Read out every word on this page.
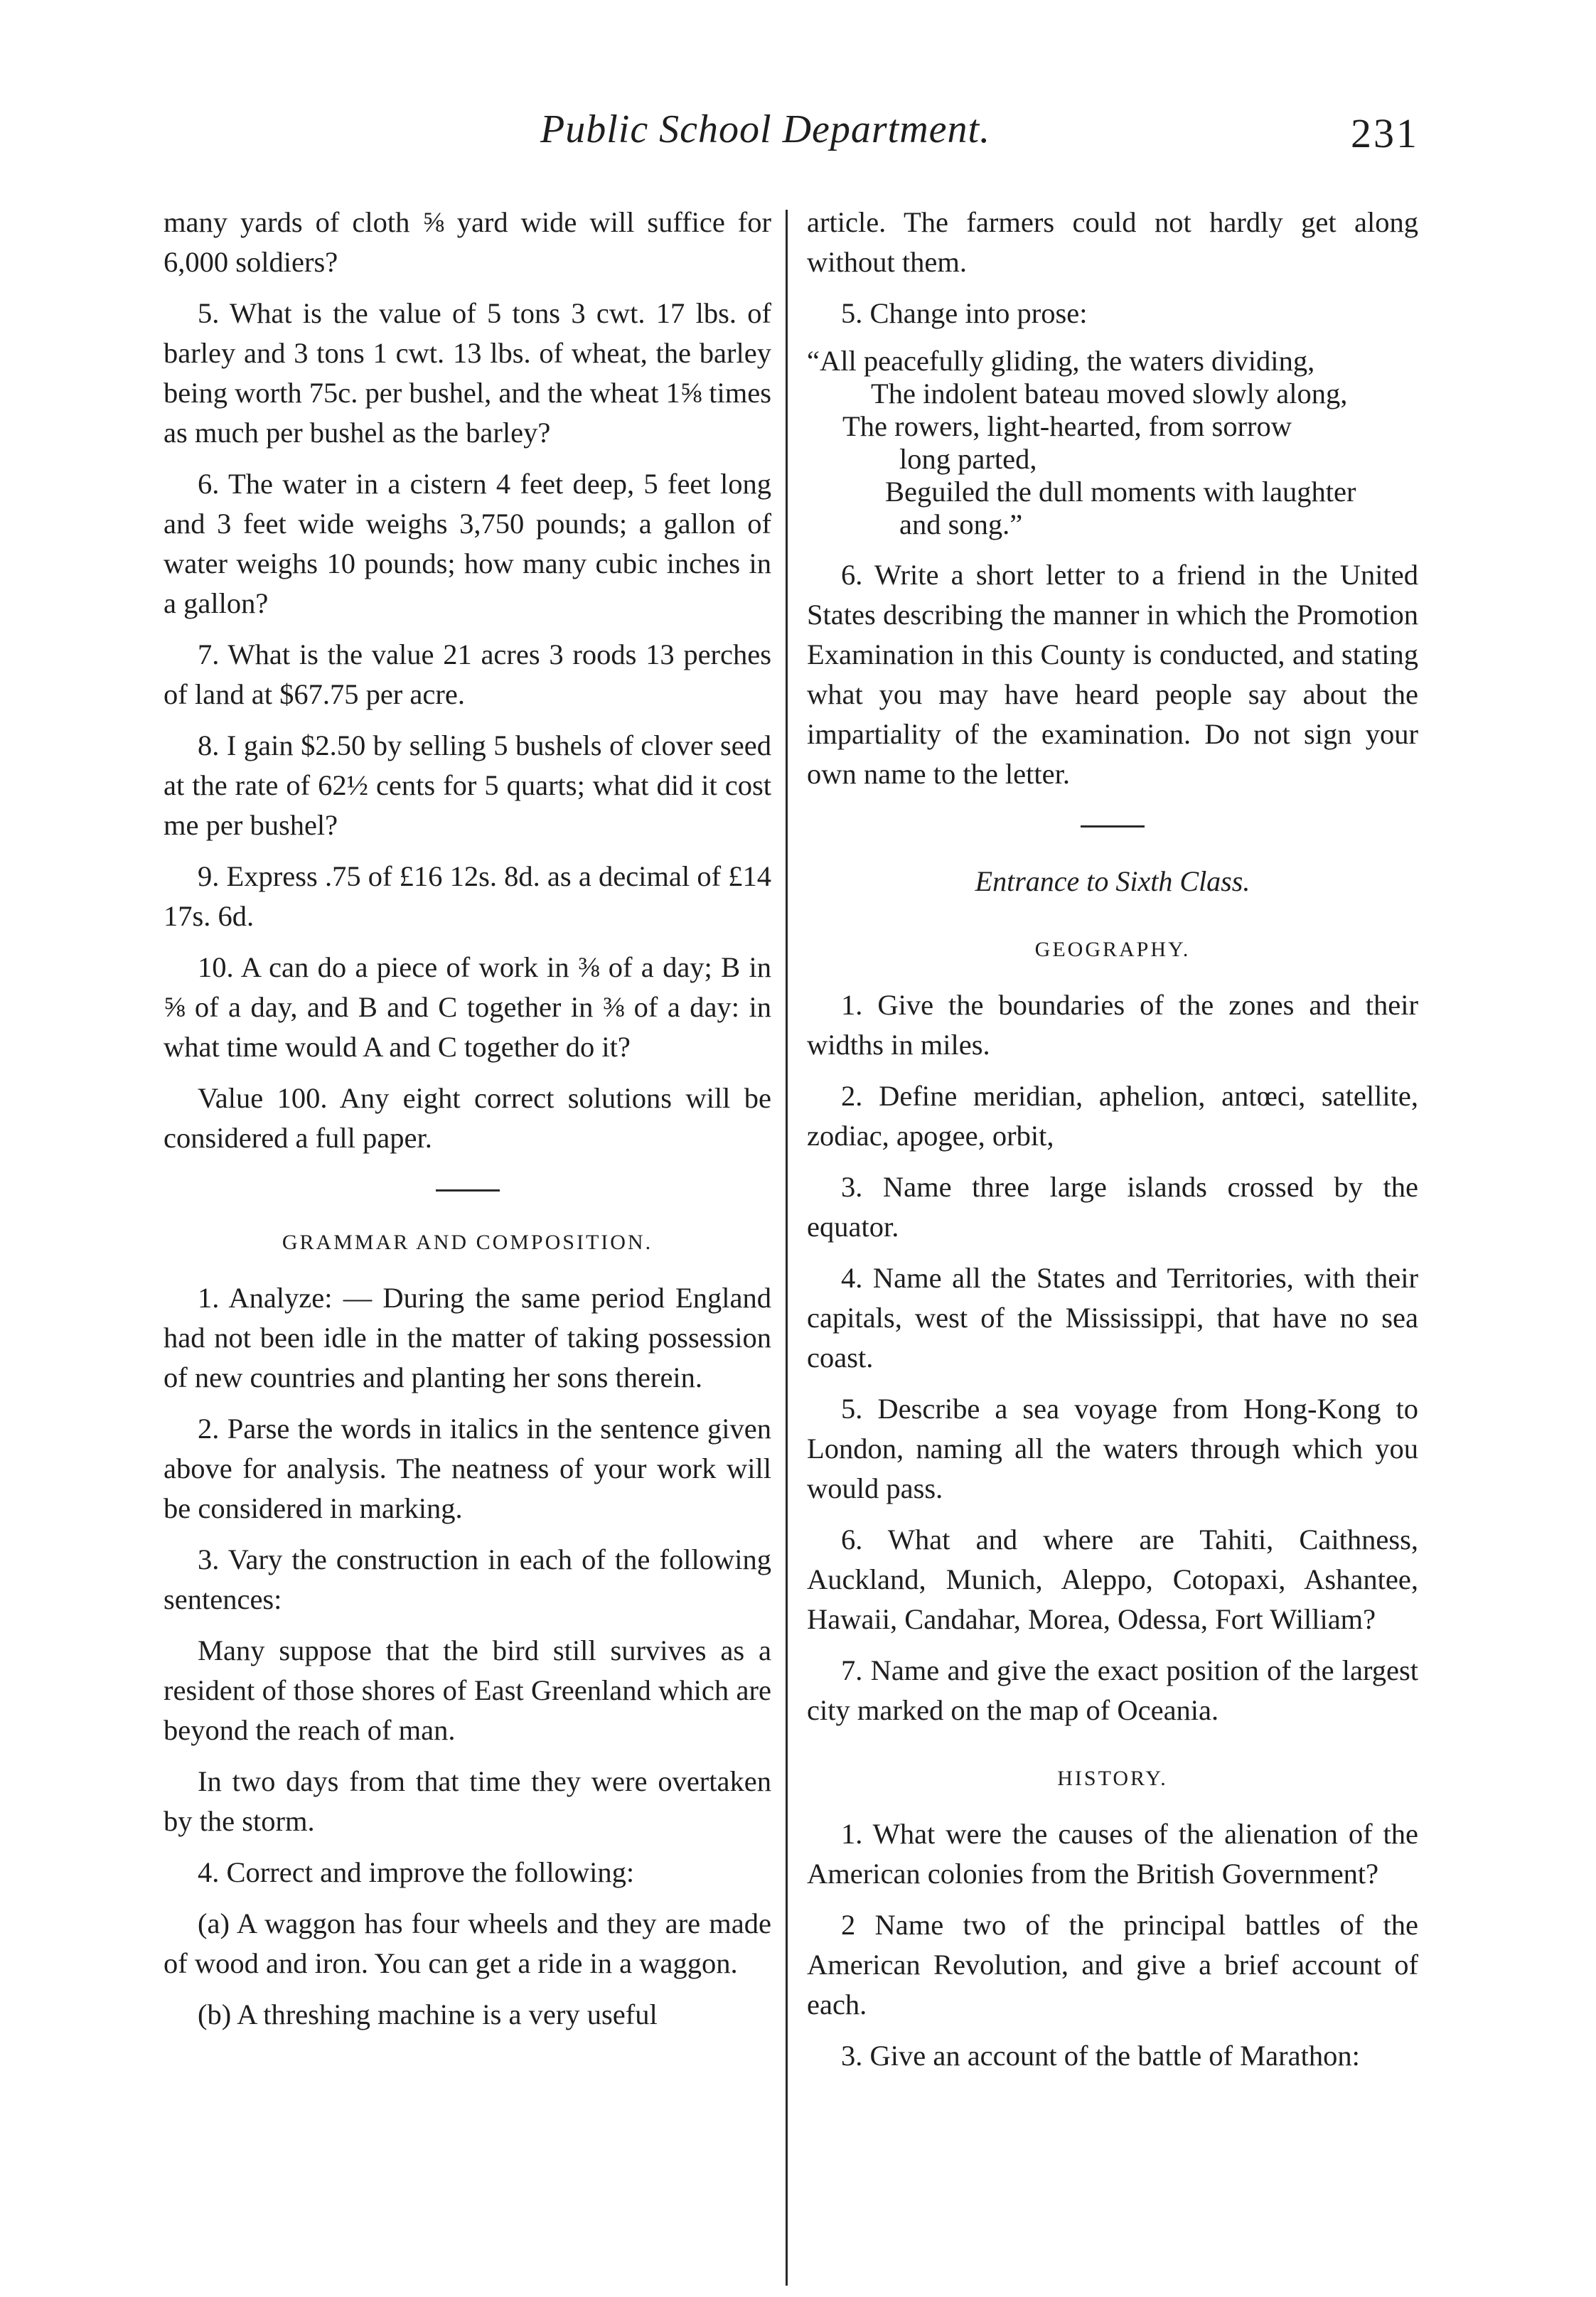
Public School Department.	231

many yards of cloth ⅝ yard wide will suffice for 6,000 soldiers?

5. What is the value of 5 tons 3 cwt. 17 lbs. of barley and 3 tons 1 cwt. 13 lbs. of wheat, the barley being worth 75c. per bushel, and the wheat 1⅝ times as much per bushel as the barley?

6. The water in a cistern 4 feet deep, 5 feet long and 3 feet wide weighs 3,750 pounds; a gallon of water weighs 10 pounds; how many cubic inches in a gallon?

7. What is the value 21 acres 3 roods 13 perches of land at $67.75 per acre.

8. I gain $2.50 by selling 5 bushels of clover seed at the rate of 62½ cents for 5 quarts; what did it cost me per bushel?

9. Express .75 of £16 12s. 8d. as a decimal of £14 17s. 6d.

10. A can do a piece of work in ⅜ of a day; B in ⅝ of a day, and B and C together in ⅜ of a day: in what time would A and C together do it?

Value 100. Any eight correct solutions will be considered a full paper.

GRAMMAR AND COMPOSITION.

1. Analyze: — During the same period England had not been idle in the matter of taking possession of new countries and planting her sons therein.

2. Parse the words in italics in the sentence given above for analysis. The neatness of your work will be considered in marking.

3. Vary the construction in each of the following sentences:

Many suppose that the bird still survives as a resident of those shores of East Greenland which are beyond the reach of man.

In two days from that time they were overtaken by the storm.

4. Correct and improve the following:

(a) A waggon has four wheels and they are made of wood and iron. You can get a ride in a waggon.

(b) A threshing machine is a very useful

article. The farmers could not hardly get along without them.

5. Change into prose:

“All peacefully gliding, the waters dividing,
The indolent bateau moved slowly along,
The rowers, light-hearted, from sorrow
long parted,
Beguiled the dull moments with laughter
and song.”

6. Write a short letter to a friend in the United States describing the manner in which the Promotion Examination in this County is conducted, and stating what you may have heard people say about the impartiality of the examination. Do not sign your own name to the letter.

Entrance to Sixth Class.
GEOGRAPHY.

1. Give the boundaries of the zones and their widths in miles.

2. Define meridian, aphelion, antœci, satellite, zodiac, apogee, orbit,

3. Name three large islands crossed by the equator.

4. Name all the States and Territories, with their capitals, west of the Mississippi, that have no sea coast.

5. Describe a sea voyage from Hong-Kong to London, naming all the waters through which you would pass.

6. What and where are Tahiti, Caithness, Auckland, Munich, Aleppo, Cotopaxi, Ashantee, Hawaii, Candahar, Morea, Odessa, Fort William?

7. Name and give the exact position of the largest city marked on the map of Oceania.

HISTORY.

1. What were the causes of the alienation of the American colonies from the British Government?

2 Name two of the principal battles of the American Revolution, and give a brief account of each.

3. Give an account of the battle of Marathon:
